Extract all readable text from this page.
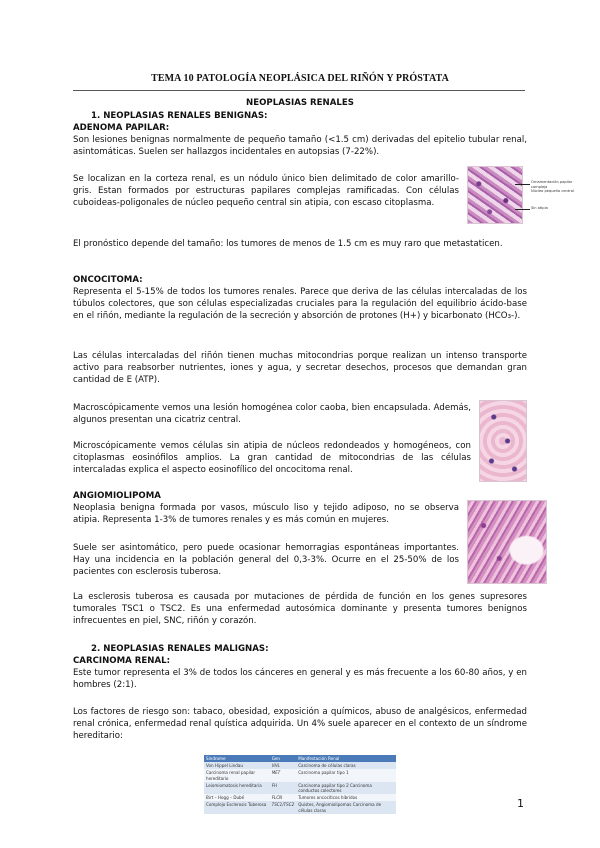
TEMA 10 PATOLOGÍA NEOPLÁSICA DEL RIÑÓN Y PRÓSTATA
NEOPLASIAS RENALES
1. NEOPLASIAS RENALES BENIGNAS:
ADENOMA PAPILAR:
Son lesiones benignas normalmente de pequeño tamaño (<1.5 cm) derivadas del epitelio tubular renal, asintomáticas. Suelen ser hallazgos incidentales en autopsias (7-22%).
Se localizan en la corteza renal, es un nódulo único bien delimitado de color amarillo-gris. Estan formados por estructuras papilares complejas ramificadas. Con células cuboideas-poligonales de núcleo pequeño central sin atipia, con escaso citoplasma.
Ornamentación papilar compleja
Núcleo pequeño central
Sin atipia
El pronóstico depende del tamaño: los tumores de menos de 1.5 cm es muy raro que metastaticen.
ONCOCITOMA:
Representa el 5-15% de todos los tumores renales. Parece que deriva de las células intercaladas de los túbulos colectores, que son células especializadas cruciales para la regulación del equilibrio ácido-base en el riñón, mediante la regulación de la secreción y absorción de protones (H+) y bicarbonato (HCO₃-).
Las células intercaladas del riñón tienen muchas mitocondrias porque realizan un intenso transporte activo para reabsorber nutrientes, iones y agua, y secretar desechos, procesos que demandan gran cantidad de E (ATP).
Macroscópicamente vemos una lesión homogénea color caoba, bien encapsulada. Además, algunos presentan una cicatriz central.
Microscópicamente vemos células sin atipia de núcleos redondeados y homogéneos, con citoplasmas eosinófilos amplios. La gran cantidad de mitocondrias de las células intercaladas explica el aspecto eosinofílico del oncocitoma renal.
ANGIOMIOLIPOMA
Neoplasia benigna formada por vasos, músculo liso y tejido adiposo, no se observa atipia. Representa 1-3% de tumores renales y es más común en mujeres.
Suele ser asintomático, pero puede ocasionar hemorragias espontáneas importantes. Hay una incidencia en la población general del 0,3-3%. Ocurre en el 25-50% de los pacientes con esclerosis tuberosa.
La esclerosis tuberosa es causada por mutaciones de pérdida de función en los genes supresores tumorales TSC1 o TSC2. Es una enfermedad autosómica dominante y presenta tumores benignos infrecuentes en piel, SNC, riñón y corazón.
2. NEOPLASIAS RENALES MALIGNAS:
CARCINOMA RENAL:
Este tumor representa el 3% de todos los cánceres en general y es más frecuente a los 60-80 años, y en hombres (2:1).
Los factores de riesgo son: tabaco, obesidad, exposición a químicos, abuso de analgésicos, enfermedad renal crónica, enfermedad renal quística adquirida. Un 4% suele aparecer en el contexto de un síndrome hereditario:
Síndrome	Gen	Manifestación Renal
Von Hippel Lindau	VHL	Carcinoma de células claras
Carcinoma renal papilar hereditario	MET	Carcinoma papilar tipo 1
Leiomiomatosis hereditaria	FH	Carcinoma papilar tipo 2 Carcinoma conductos colectores
Birt – Hogg – Dubé	FLCN	Tumores oncocíticos híbridos
Complejo Esclerosis Tuberosa	TSC1/TSC2	Quistes, Angiomiolipomas Carcinoma de células claras
1
